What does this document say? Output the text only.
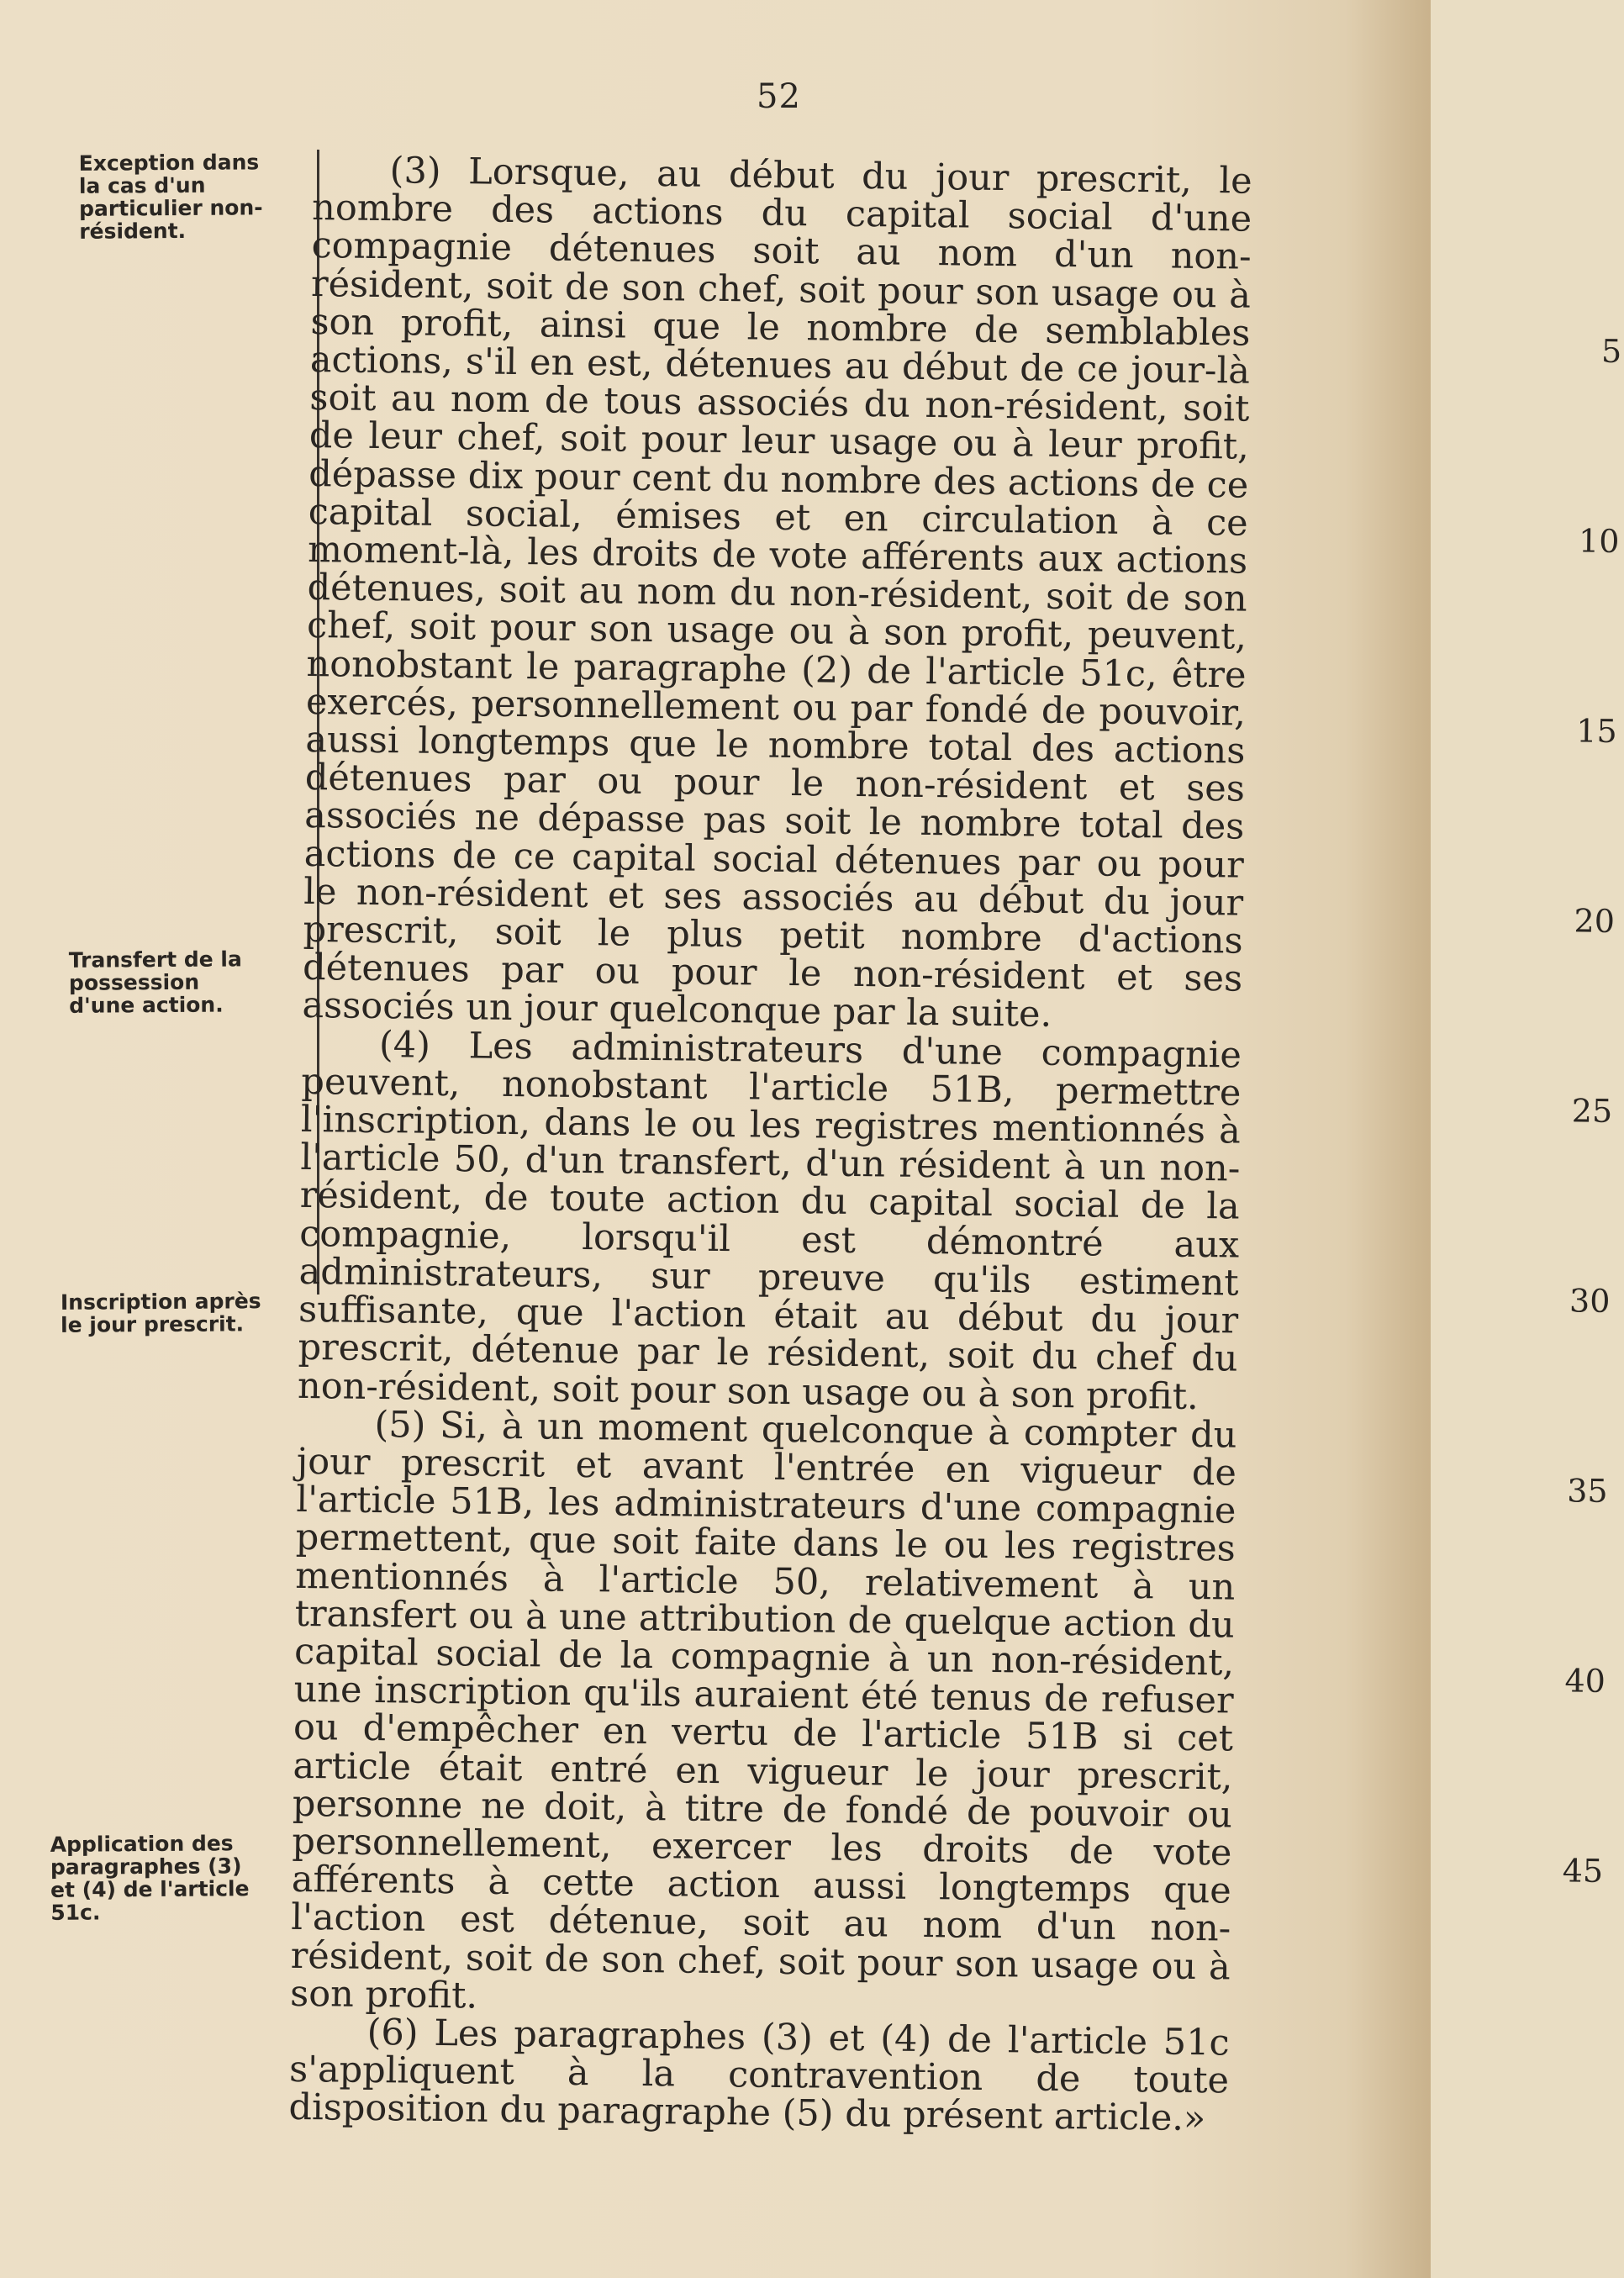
52
Exception dans la cas d'un particulier non-résident.
Transfert de la possession d'une action.
Inscription après le jour prescrit.
Application des paragraphes (3) et (4) de l'article 51c.

(3) Lorsque, au début du jour prescrit, le nombre des actions du capital social d'une compagnie détenues soit au nom d'un non-résident, soit de son chef, soit pour son usage ou à son profit, ainsi que le nombre de semblables actions, s'il en est, détenues au début de ce jour-là soit au nom de tous associés du non-résident, soit de leur chef, soit pour leur usage ou à leur profit, dépasse dix pour cent du nombre des actions de ce capital social, émises et en circulation à ce moment-là, les droits de vote afférents aux actions détenues, soit au nom du non-résident, soit de son chef, soit pour son usage ou à son profit, peuvent, nonobstant le paragraphe (2) de l'article 51c, être exercés, personnellement ou par fondé de pouvoir, aussi longtemps que le nombre total des actions détenues par ou pour le non-résident et ses associés ne dépasse pas soit le nombre total des actions de ce capital social détenues par ou pour le non-résident et ses associés au début du jour prescrit, soit le plus petit nombre d'actions détenues par ou pour le non-résident et ses associés un jour quelconque par la suite.

(4) Les administrateurs d'une compagnie peuvent, nonobstant l'article 51B, permettre l'inscription, dans le ou les registres mentionnés à l'article 50, d'un transfert, d'un résident à un non-résident, de toute action du capital social de la compagnie, lorsqu'il est démontré aux administrateurs, sur preuve qu'ils estiment suffisante, que l'action était au début du jour prescrit, détenue par le résident, soit du chef du non-résident, soit pour son usage ou à son profit.

(5) Si, à un moment quelconque à compter du jour prescrit et avant l'entrée en vigueur de l'article 51B, les administrateurs d'une compagnie permettent, que soit faite dans le ou les registres mentionnés à l'article 50, relativement à un transfert ou à une attribution de quelque action du capital social de la compagnie à un non-résident, une inscription qu'ils auraient été tenus de refuser ou d'empêcher en vertu de l'article 51B si cet article était entré en vigueur le jour prescrit, personne ne doit, à titre de fondé de pouvoir ou personnellement, exercer les droits de vote afférents à cette action aussi longtemps que l'action est détenue, soit au nom d'un non-résident, soit de son chef, soit pour son usage ou à son profit.

(6) Les paragraphes (3) et (4) de l'article 51c s'appliquent à la contravention de toute disposition du paragraphe (5) du présent article.»

5
10
15
20
25
30
35
40
45
